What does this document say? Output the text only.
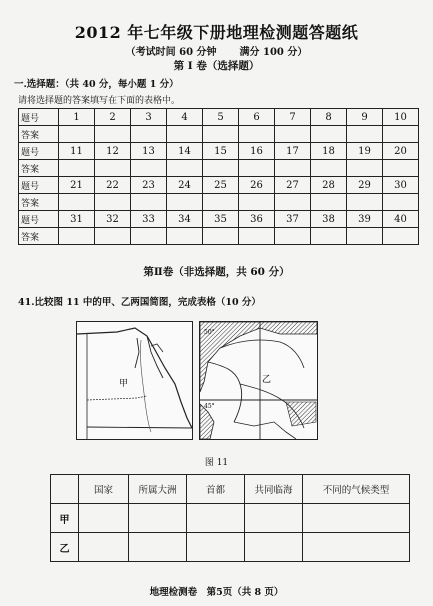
2012 年七年级下册地理检测题答题纸
（考试时间 60 分钟 满分 100 分）
第 Ⅰ 卷（选择题）
一.选择题：（共 40 分，每小题 1 分）
请将选择题的答案填写在下面的表格中。
题号	1	2	3	4	5	6	7	8	9	10
答案										
题号	11	12	13	14	15	16	17	18	19	20
答案										
题号	21	22	23	24	25	26	27	28	29	30
答案										
题号	31	32	33	34	35	36	37	38	39	40
答案										
第Ⅱ卷（非选择题，共 60 分）
41.比较图 11 中的甲、乙两国简图，完成表格（10 分）
甲
50°
45°
乙
图 11
	国家	所属大洲	首都	共同临海	不同的气候类型
甲					
乙					
地理检测卷　第5页（共 8 页）
